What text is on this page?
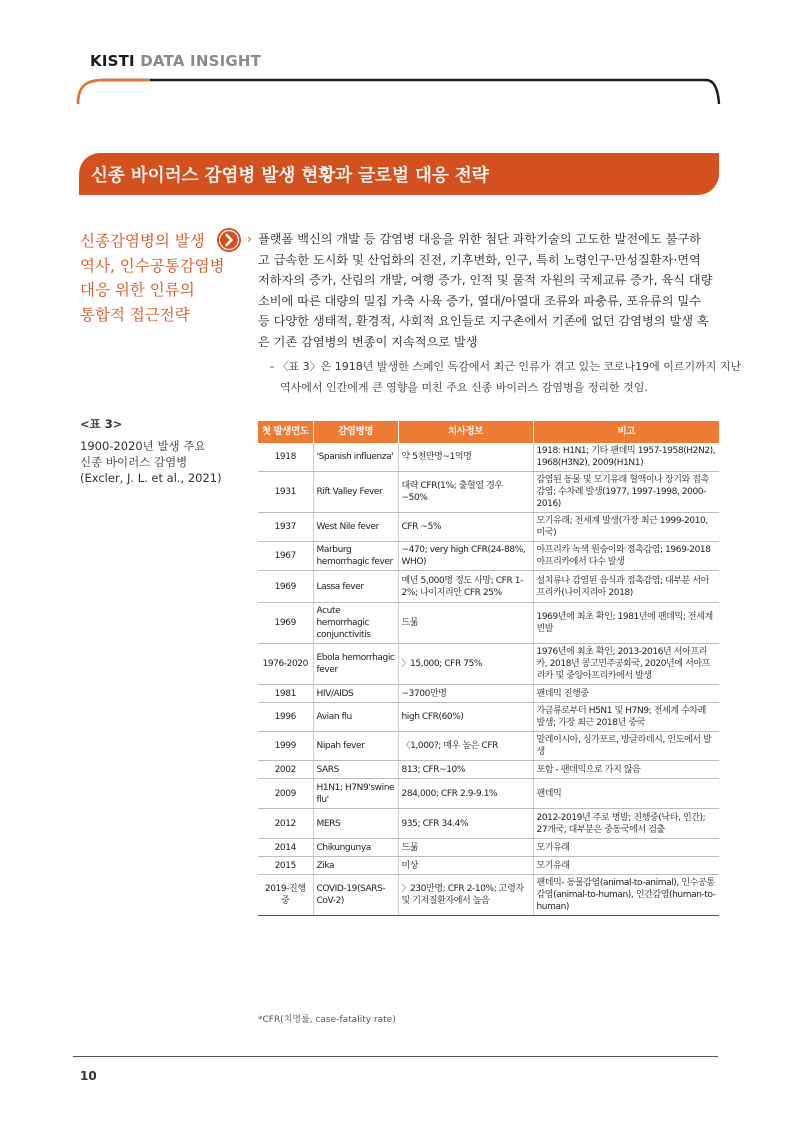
KISTI DATA INSIGHT
신종 바이러스 감염병 발생 현황과 글로벌 대응 전략
신종감염병의 발생
역사, 인수공통감염병
대응 위한 인류의
통합적 접근전략
› 플랫폼 백신의 개발 등 감염병 대응을 위한 첨단 과학기술의 고도한 발전에도 불구하
고 급속한 도시화 및 산업화의 진전, 기후변화, 인구, 특히 노령인구·만성질환자·면역
저하자의 증가, 산림의 개발, 여행 증가, 인적 및 물적 자원의 국제교류 증가, 육식 대량
소비에 따른 대량의 밀집 가축 사육 증가, 열대/아열대 조류와 파충류, 포유류의 밀수
등 다양한 생태적, 환경적, 사회적 요인들로 지구촌에서 기존에 없던 감염병의 발생 혹
은 기존 감염병의 변종이 지속적으로 발생
- 〈표 3〉은 1918년 발생한 스페인 독감에서 최근 인류가 겪고 있는 코로나19에 이르기까지 지난
역사에서 인간에게 큰 영향을 미친 주요 신종 바이러스 감염병을 정리한 것임.
<표 3>
1900-2020년 발생 주요
신종 바이러스 감염병
(Excler, J. L. et al., 2021)
첫 발생연도	감염병명	치사정보	비고
1918	'Spanish influenza'	약 5천만명~1억명	1918: H1N1; 기타 팬데믹 1957-1958(H2N2), 1968(H3N2), 2009(H1N1)
1931	Rift Valley Fever	대략 CFR(1%; 출혈열 경우 ~50%	감염된 동물 및 모기유래 혈액이나 장기와 접촉감염; 수차례 발생(1977, 1997-1998, 2000-2016)
1937	West Nile fever	CFR ~5%	모기유래; 전세계 발생(가장 최근 1999-2010, 미국)
1967	Marburg hemorrhagic fever	~470; very high CFR(24-88%, WHO)	아프리카 녹색 원숭이와 접촉감염; 1969-2018 아프리카에서 다수 발생
1969	Lassa fever	매년 5,000명 정도 사망; CFR 1-2%; 나이지리안 CFR 25%	설치류나 감염된 음식과 접촉감염; 대부분 서아프리카(나이지리아 2018)
1969	Acute hemorrhagic conjunctivitis	드묾	1969년에 최초 확인; 1981년에 팬데믹; 전세계 빈발
1976-2020	Ebola hemorrhagic fever	〉15,000; CFR 75%	1976년에 최초 확인; 2013-2016년 서아프리카, 2018년 콩고민주공화국, 2020년에 서아프리카 및 중앙아프리카에서 발생
1981	HIV/AIDS	~3700만명	팬데믹 진행중
1996	Avian flu	high CFR(60%)	가금류로부터 H5N1 및 H7N9; 전세계 수차례 발생; 가장 최근 2018년 중국
1999	Nipah fever	〈1,000?; 매우 높은 CFR	말레이시아, 싱가포르, 방글라데시, 인도에서 발생
2002	SARS	813; CFR~10%	포함 - 팬데믹으로 가지 않음
2009	H1N1; H7N9'swine flu'	284,000; CFR 2.9-9.1%	팬데믹
2012	MERS	935; CFR 34.4%	2012-2019년 주로 병발; 진행중(낙타, 인간); 27개국, 대부분은 중동국에서 검출
2014	Chikungunya	드묾	모기유래
2015	Zika	미상	모기유래
2019-진행중	COVID-19(SARS-CoV-2)	〉230만명; CFR 2-10%; 고령자 및 기저질환자에서 높음	팬데믹- 동물감염(animal-to-animal), 인수공통감염(animal-to-human), 인간감염(human-to-human)
*CFR(치명률, case-fatality rate)
10
